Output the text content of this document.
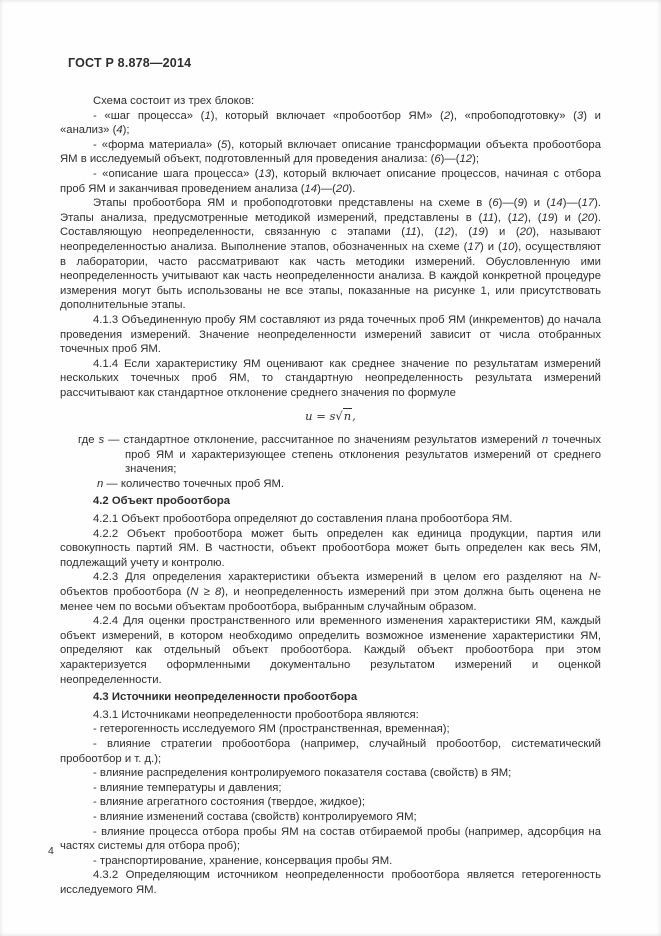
ГОСТ Р 8.878—2014

Схема состоит из трех блоков:

- «шаг процесса» (1), который включает «пробоотбор ЯМ» (2), «пробоподготовку» (3) и «анализ» (4);

- «форма материала» (5), который включает описание трансформации объекта пробоотбора ЯМ в исследуемый объект, подготовленный для проведения анализа: (6)—(12);

- «описание шага процесса» (13), который включает описание процессов, начиная с отбора проб ЯМ и заканчивая проведением анализа (14)—(20).

Этапы пробоотбора ЯМ и пробоподготовки представлены на схеме в (6)—(9) и (14)—(17). Этапы анализа, предусмотренные методикой измерений, представлены в (11), (12), (19) и (20). Составляющую неопределенности, связанную с этапами (11), (12), (19) и (20), называют неопределенностью анализа. Выполнение этапов, обозначенных на схеме (17) и (10), осуществляют в лаборатории, часто рассматривают как часть методики измерений. Обусловленную ими неопределенность учитывают как часть неопределенности анализа. В каждой конкретной процедуре измерения могут быть использованы не все этапы, показанные на рисунке 1, или присутствовать дополнительные этапы.

4.1.3 Объединенную пробу ЯМ составляют из ряда точечных проб ЯМ (инкрементов) до начала проведения измерений. Значение неопределенности измерений зависит от числа отобранных точечных проб ЯМ.

4.1.4 Если характеристику ЯМ оценивают как среднее значение по результатам измерений нескольких точечных проб ЯМ, то стандартную неопределенность результата измерений рассчитывают как стандартное отклонение среднего значения по формуле

u = s√n,

где s — стандартное отклонение, рассчитанное по значениям результатов измерений n точечных проб ЯМ и характеризующее степень отклонения результатов измерений от среднего значения;

n — количество точечных проб ЯМ.

4.2 Объект пробоотбора

4.2.1 Объект пробоотбора определяют до составления плана пробоотбора ЯМ.

4.2.2 Объект пробоотбора может быть определен как единица продукции, партия или совокупность партий ЯМ. В частности, объект пробоотбора может быть определен как весь ЯМ, подлежащий учету и контролю.

4.2.3 Для определения характеристики объекта измерений в целом его разделяют на N-объектов пробоотбора (N ≥ 8), и неопределенность измерений при этом должна быть оценена не менее чем по восьми объектам пробоотбора, выбранным случайным образом.

4.2.4 Для оценки пространственного или временного изменения характеристики ЯМ, каждый объект измерений, в котором необходимо определить возможное изменение характеристики ЯМ, определяют как отдельный объект пробоотбора. Каждый объект пробоотбора при этом характеризуется оформленными документально результатом измерений и оценкой неопределенности.

4.3 Источники неопределенности пробоотбора

4.3.1 Источниками неопределенности пробоотбора являются:

- гетерогенность исследуемого ЯМ (пространственная, временная);

- влияние стратегии пробоотбора (например, случайный пробоотбор, систематический пробоотбор и т. д.);

- влияние распределения контролируемого показателя состава (свойств) в ЯМ;

- влияние температуры и давления;

- влияние агрегатного состояния (твердое, жидкое);

- влияние изменений состава (свойств) контролируемого ЯМ;

- влияние процесса отбора пробы ЯМ на состав отбираемой пробы (например, адсорбция на частях системы для отбора проб);

- транспортирование, хранение, консервация пробы ЯМ.

4.3.2 Определяющим источником неопределенности пробоотбора является гетерогенность исследуемого ЯМ.

4
